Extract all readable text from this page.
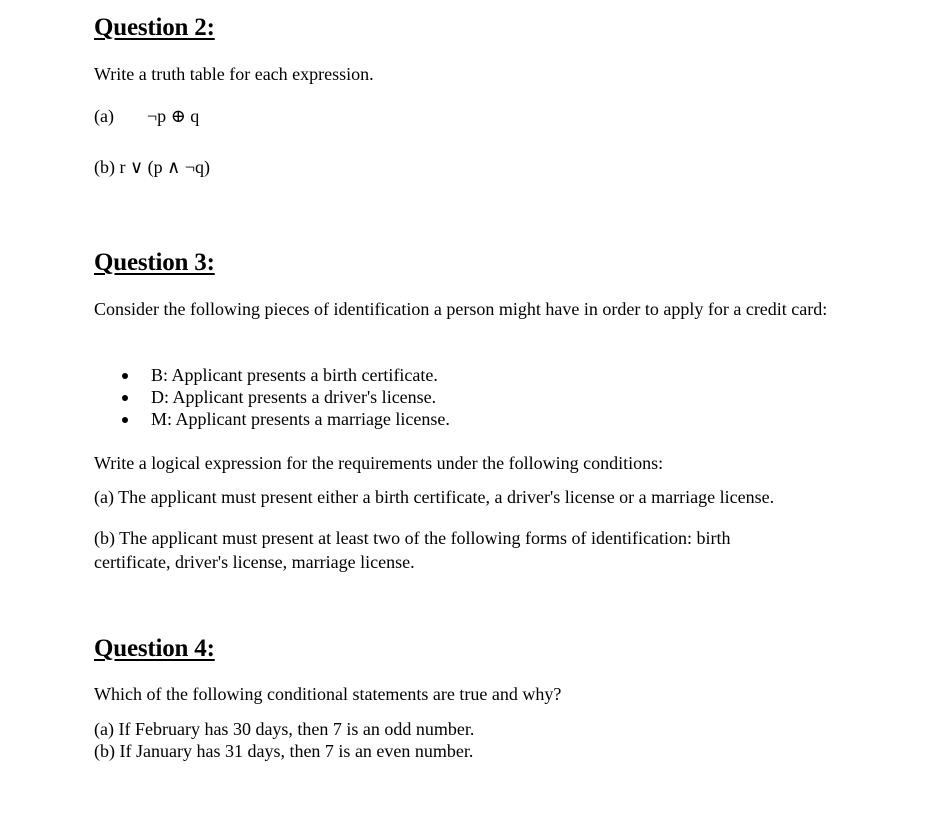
Question 2:

Write a truth table for each expression.

(a) ¬p ⊕ q

(b) r ∨ (p ∧ ¬q)

Question 3:

Consider the following pieces of identification a person might have in order to apply for a credit card:

B: Applicant presents a birth certificate.
D: Applicant presents a driver's license.
M: Applicant presents a marriage license.

Write a logical expression for the requirements under the following conditions:

(a) The applicant must present either a birth certificate, a driver's license or a marriage license.

(b) The applicant must present at least two of the following forms of identification: birth certificate, driver's license, marriage license.

Question 4:

Which of the following conditional statements are true and why?

(a) If February has 30 days, then 7 is an odd number.

(b) If January has 31 days, then 7 is an even number.
